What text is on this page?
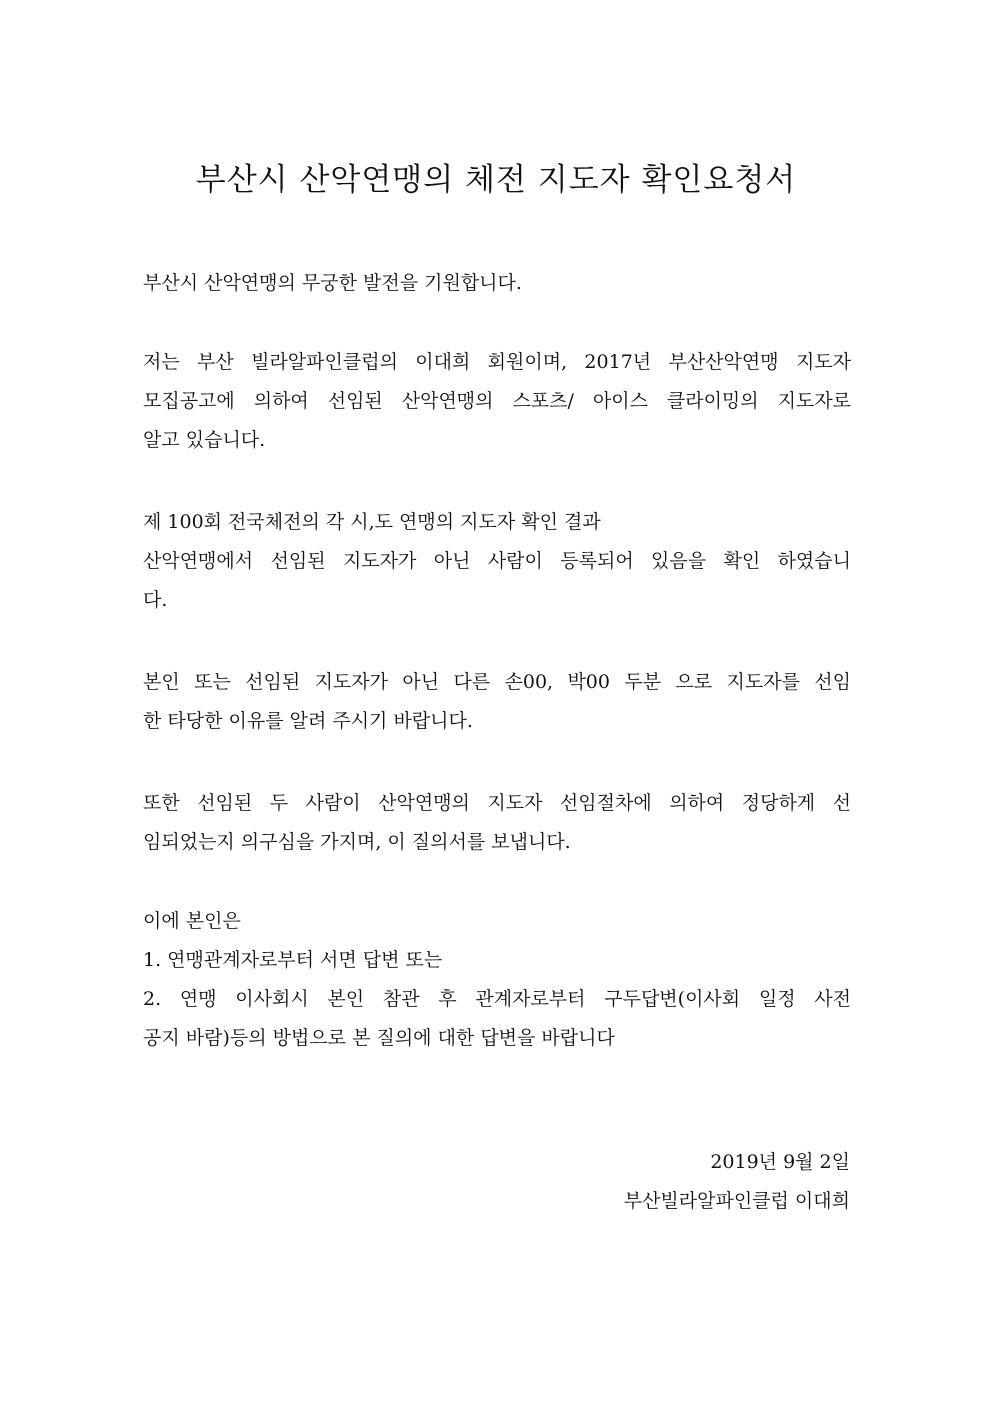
부산시 산악연맹의 체전 지도자 확인요청서
부산시 산악연맹의 무궁한 발전을 기원합니다.
저는 부산 빌라알파인클럽의 이대희 회원이며, 2017년 부산산악연맹 지도자
모집공고에 의하여 선임된 산악연맹의 스포츠/ 아이스 클라이밍의 지도자로
알고 있습니다.
제 100회 전국체전의 각 시,도 연맹의 지도자 확인 결과
산악연맹에서 선임된 지도자가 아닌 사람이 등록되어 있음을 확인 하였습니
다.
본인 또는 선임된 지도자가 아닌 다른 손00, 박00 두분 으로 지도자를 선임
한 타당한 이유를 알려 주시기 바랍니다.
또한 선임된 두 사람이 산악연맹의 지도자 선임절차에 의하여 정당하게 선
임되었는지 의구심을 가지며, 이 질의서를 보냅니다.
이에 본인은
1. 연맹관계자로부터 서면 답변 또는
2. 연맹 이사회시 본인 참관 후 관계자로부터 구두답변(이사회 일정 사전
공지 바람)등의 방법으로 본 질의에 대한 답변을 바랍니다
2019년 9월 2일
부산빌라알파인클럽 이대희
